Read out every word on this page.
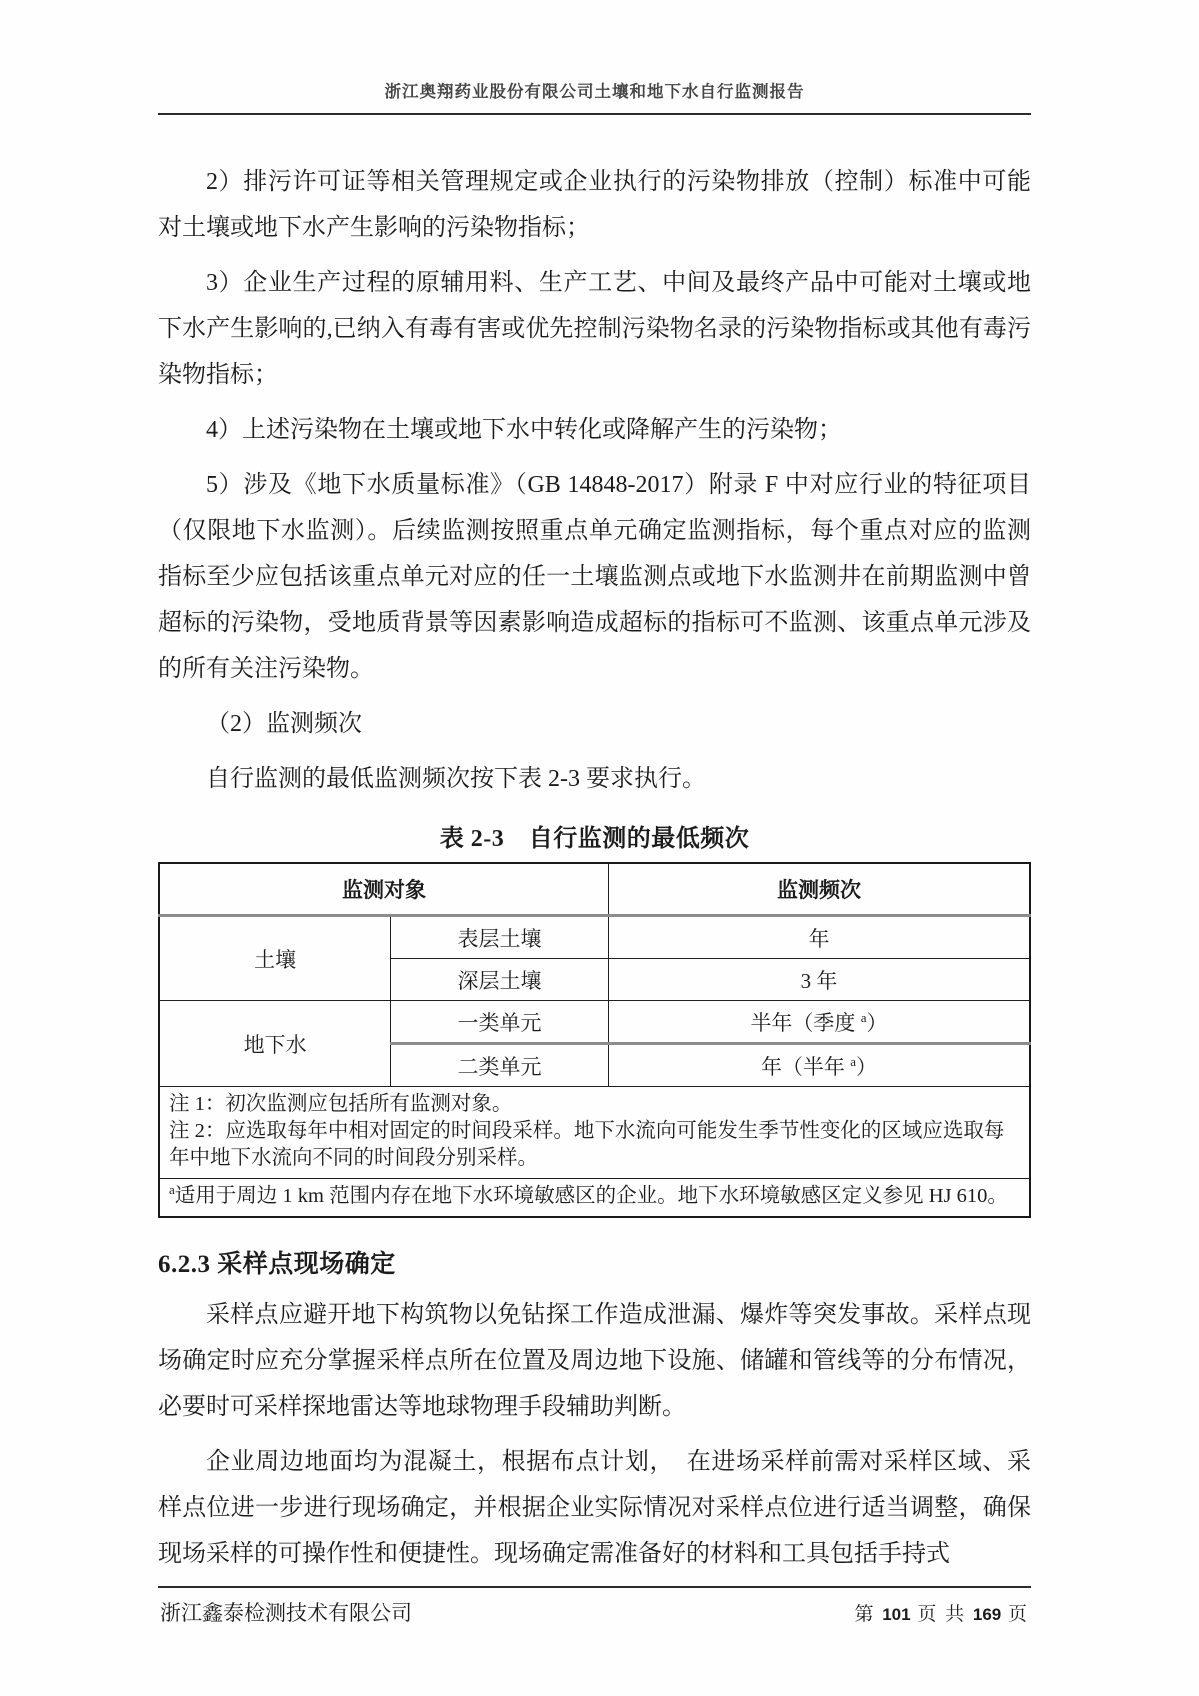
浙江奥翔药业股份有限公司土壤和地下水自行监测报告

2）排污许可证等相关管理规定或企业执行的污染物排放（控制）标准中可能对土壤或地下水产生影响的污染物指标；

3）企业生产过程的原辅用料、生产工艺、中间及最终产品中可能对土壤或地下水产生影响的,已纳入有毒有害或优先控制污染物名录的污染物指标或其他有毒污染物指标；

4）上述污染物在土壤或地下水中转化或降解产生的污染物；

5）涉及《地下水质量标准》（GB 14848-2017）附录 F 中对应行业的特征项目（仅限地下水监测）。后续监测按照重点单元确定监测指标，每个重点对应的监测指标至少应包括该重点单元对应的任一土壤监测点或地下水监测井在前期监测中曾超标的污染物，受地质背景等因素影响造成超标的指标可不监测、该重点单元涉及的所有关注污染物。

（2）监测频次

自行监测的最低监测频次按下表 2-3 要求执行。

表 2-3　自行监测的最低频次
监测对象		监测频次
土壤	表层土壤	年
	深层土壤	3 年
地下水	一类单元	半年（季度 $^a$）
	二类单元	年（半年 $^a$）

注 1：初次监测应包括所有监测对象。
注 2：应选取每年中相对固定的时间段采样。地下水流向可能发生季节性变化的区域应选取每年中地下水流向不同的时间段分别采样。		

$^a$适用于周边 1 km 范围内存在地下水环境敏感区的企业。地下水环境敏感区定义参见 HJ 610。		
6.2.3 采样点现场确定

采样点应避开地下构筑物以免钻探工作造成泄漏、爆炸等突发事故。采样点现场确定时应充分掌握采样点所在位置及周边地下设施、储罐和管线等的分布情况，必要时可采样探地雷达等地球物理手段辅助判断。

企业周边地面均为混凝土，根据布点计划，　在进场采样前需对采样区域、采样点位进一步进行现场确定，并根据企业实际情况对采样点位进行适当调整，确保现场采样的可操作性和便捷性。现场确定需准备好的材料和工具包括手持式

浙江鑫泰检测技术有限公司	第 101 页 共 169 页
